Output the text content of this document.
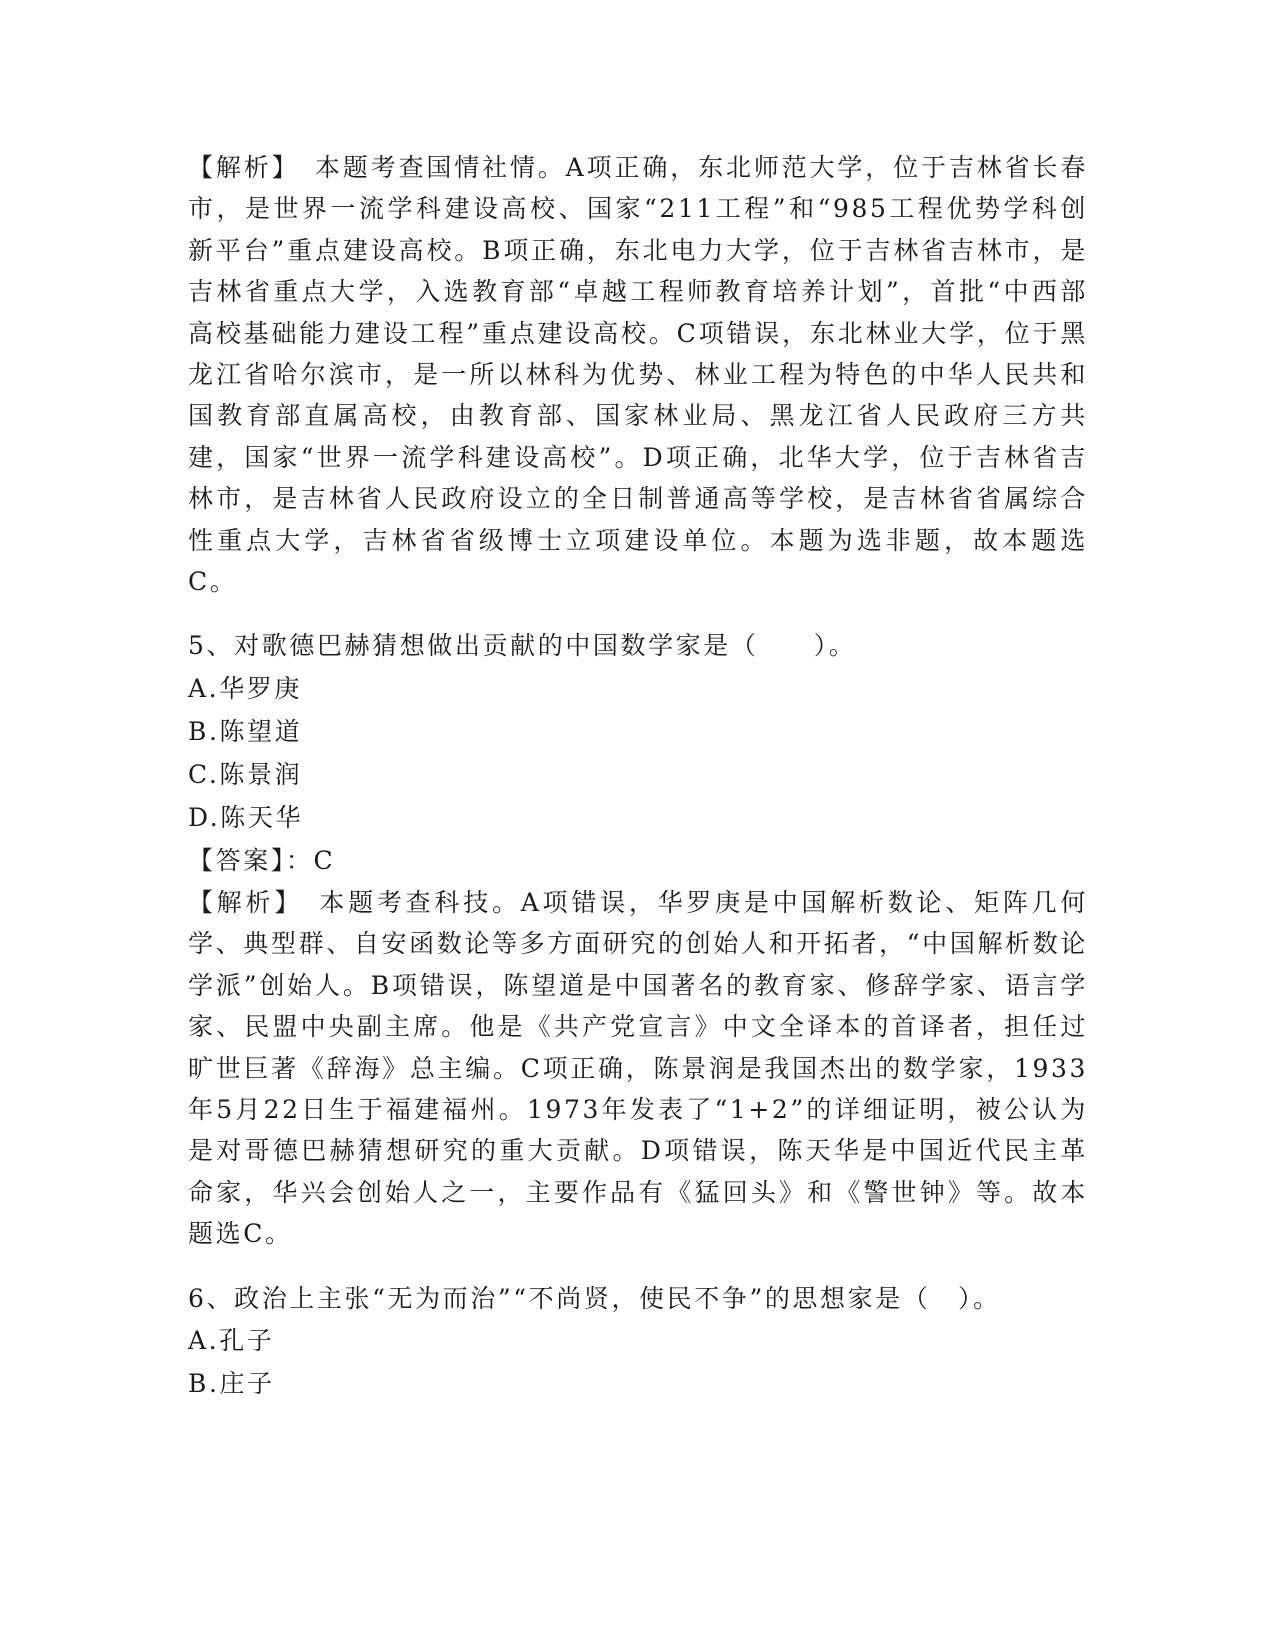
【解析】　本题考查国情社情。A项正确，东北师范大学，位于吉林省长春市，是世界一流学科建设高校、国家“211工程”和“985工程优势学科创新平台”重点建设高校。B项正确，东北电力大学，位于吉林省吉林市，是吉林省重点大学，入选教育部“卓越工程师教育培养计划”，首批“中西部高校基础能力建设工程”重点建设高校。C项错误，东北林业大学，位于黑龙江省哈尔滨市，是一所以林科为优势、林业工程为特色的中华人民共和国教育部直属高校，由教育部、国家林业局、黑龙江省人民政府三方共建，国家“世界一流学科建设高校”。D项正确，北华大学，位于吉林省吉林市，是吉林省人民政府设立的全日制普通高等学校，是吉林省省属综合性重点大学，吉林省省级博士立项建设单位。本题为选非题，故本题选C。

5、对歌德巴赫猜想做出贡献的中国数学家是（　　）。

A.华罗庚

B.陈望道

C.陈景润

D.陈天华

【答案】：C

【解析】　本题考查科技。A项错误，华罗庚是中国解析数论、矩阵几何学、典型群、自安函数论等多方面研究的创始人和开拓者，“中国解析数论学派”创始人。B项错误，陈望道是中国著名的教育家、修辞学家、语言学家、民盟中央副主席。他是《共产党宣言》中文全译本的首译者，担任过旷世巨著《辞海》总主编。C项正确，陈景润是我国杰出的数学家，1933年5月22日生于福建福州。1973年发表了“1+2”的详细证明，被公认为是对哥德巴赫猜想研究的重大贡献。D项错误，陈天华是中国近代民主革命家，华兴会创始人之一，主要作品有《猛回头》和《警世钟》等。故本题选C。

6、政治上主张“无为而治”“不尚贤，使民不争”的思想家是（　）。

A.孔子

B.庄子
